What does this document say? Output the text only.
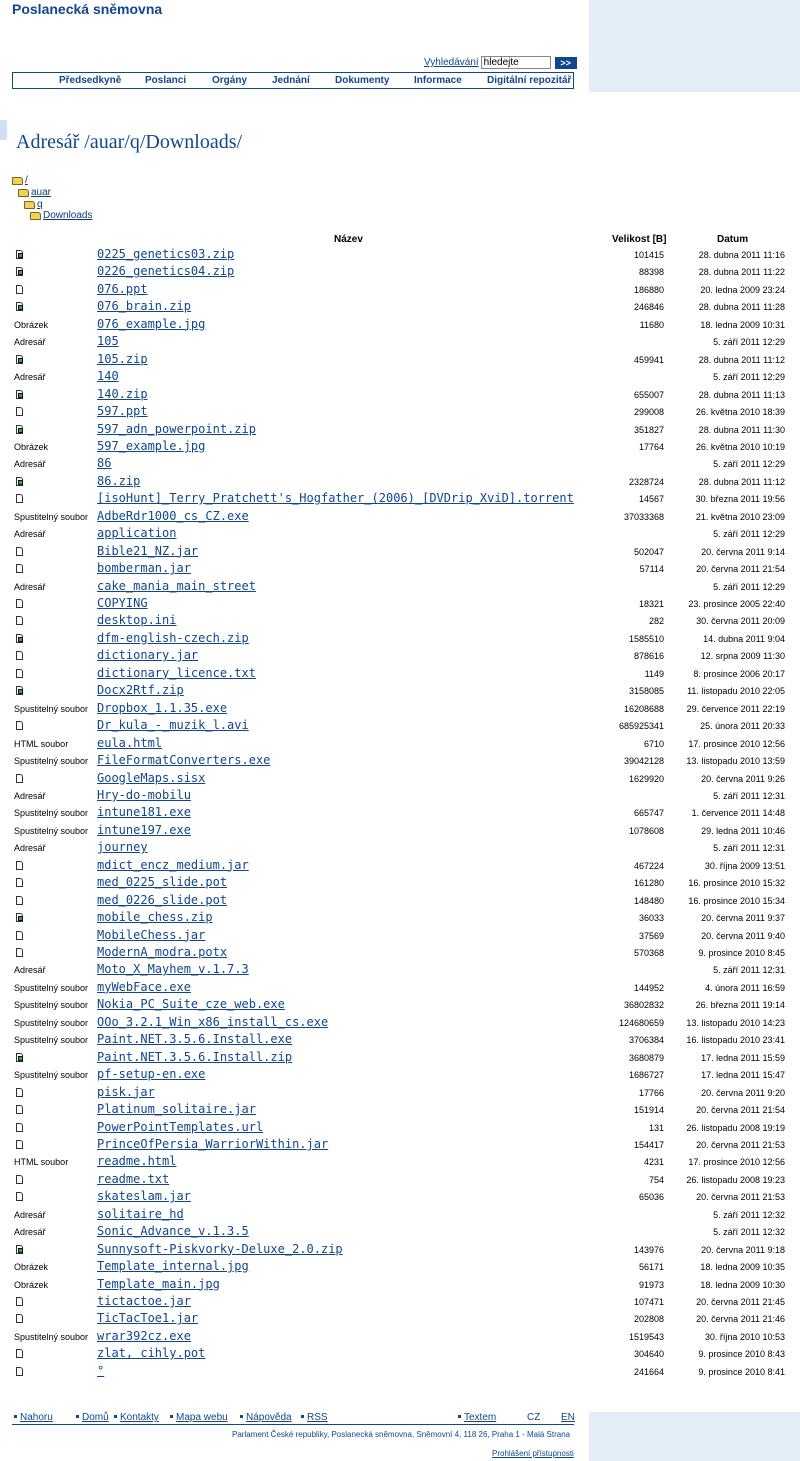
Poslanecká sněmovna
Vyhledávání
hledejte	>>
Předsedkyně Poslanci	Orgány Jednání	Dokumenty Informace	Digitální repozitář
Adresář /auar/q/Downloads/
/
auar
q
Downloads
Název	Velikost [B]	Datum
0225_genetics03.zip	101415	28. dubna 2011 11:16
0226_genetics04.zip	88398	28. dubna 2011 11:22
076.ppt	186880	20. ledna 2009 23:24
076_brain.zip	246846	28. dubna 2011 11:28
Obrázek	076_example.jpg	11680	18. ledna 2009 10:31
Adresář	105	5. září 2011 12:29
105.zip	459941	28. dubna 2011 11:12
Adresář	140	5. září 2011 12:29
140.zip	655007	28. dubna 2011 11:13
597.ppt	299008	26. května 2010 18:39
597_adn_powerpoint.zip	351827	28. dubna 2011 11:30
Obrázek	597_example.jpg	17764	26. května 2010 10:19
Adresář	86	5. září 2011 12:29
86.zip	2328724	28. dubna 2011 11:12
[isoHunt]_Terry_Pratchett's_Hogfather_(2006)_[DVDrip_XviD].torrent	14567	30. března 2011 19:56
Spustitelný soubor AdbeRdr1000_cs_CZ.exe	37033368	21. května 2010 23:09
Adresář	application	5. září 2011 12:29
Bible21_NZ.jar	502047	20. června 2011 9:14
bomberman.jar	57114	20. června 2011 21:54
Adresář	cake_mania_main_street	5. září 2011 12:29
COPYING	18321	23. prosince 2005 22:40
desktop.ini	282	30. června 2011 20:09
dfm-english-czech.zip	1585510	14. dubna 2011 9:04
dictionary.jar	878616	12. srpna 2009 11:30
dictionary_licence.txt	1149	8. prosince 2006 20:17
Docx2Rtf.zip	3158085	11. listopadu 2010 22:05
Spustitelný soubor Dropbox_1.1.35.exe	16208688	29. července 2011 22:19
Dr_kula_-_muzik_l.avi	685925341	25. února 2011 20:33
HTML soubor eula.html	6710	17. prosince 2010 12:56
Spustitelný soubor FileFormatConverters.exe	39042128 13. listopadu 2010 13:59
GoogleMaps.sisx	1629920	20. června 2011 9:26
Adresář	Hry-do-mobilu	5. září 2011 12:31
Spustitelný soubor intune181.exe	665747	1. července 2011 14:48
Spustitelný soubor intune197.exe	1078608	29. ledna 2011 10:46
Adresář	journey	5. září 2011 12:31
mdict_encz_medium.jar	467224	30. října 2009 13:51
med_0225_slide.pot	161280	16. prosince 2010 15:32
med_0226_slide.pot	148480	16. prosince 2010 15:34
mobile_chess.zip	36033	20. června 2011 9:37
MobileChess.jar	37569	20. června 2011 9:40
ModernA_modra.potx	570368	9. prosince 2010 8:45
Adresář	Moto_X_Mayhem_v.1.7.3	5. září 2011 12:31
Spustitelný soubor myWebFace.exe	144952	4. února 2011 16:59
Spustitelný soubor Nokia_PC_Suite_cze_web.exe	36802832	26. března 2011 19:14
Spustitelný soubor OOo_3.2.1_Win_x86_install_cs.exe	124680659 13. listopadu 2010 14:23
Spustitelný soubor Paint.NET.3.5.6.Install.exe	3706384 16. listopadu 2010 23:41
Paint.NET.3.5.6.Install.zip	3680879	17. ledna 2011 15:59
Spustitelný soubor pf-setup-en.exe	1686727	17. ledna 2011 15:47
pisk.jar	17766	20. června 2011 9:20
Platinum_solitaire.jar	151914	20. června 2011 21:54
PowerPointTemplates.url	131 26. listopadu 2008 19:19
PrinceOfPersia_WarriorWithin.jar	154417	20. června 2011 21:53
HTML soubor readme.html	4231	17. prosince 2010 12:56
readme.txt	754 26. listopadu 2008 19:23
skateslam.jar	65036	20. června 2011 21:53
Adresář	solitaire_hd	5. září 2011 12:32
Adresář	Sonic_Advance_v.1.3.5	5. září 2011 12:32
Sunnysoft-Piskvorky-Deluxe_2.0.zip	143976	20. června 2011 9:18
Obrázek	Template_internal.jpg	56171	18. ledna 2009 10:35
Obrázek	Template_main.jpg	91973	18. ledna 2009 10:30
tictactoe.jar	107471	20. června 2011 21:45
TicTacToe1.jar	202808	20. června 2011 21:46
Spustitelný soubor wrar392cz.exe	1519543	30. října 2010 10:53
zlat, cihly.pot	304640	9. prosince 2010 8:43
°	241664	9. prosince 2010 8:41
Nahoru	Domů Kontakty Mapa webu Nápověda RSS	Textem	CZ EN
Parlament České republiky, Poslanecká sněmovna, Sněmovní 4, 118 26, Praha 1 - Malá Strana
Prohlášení přístupnosti
